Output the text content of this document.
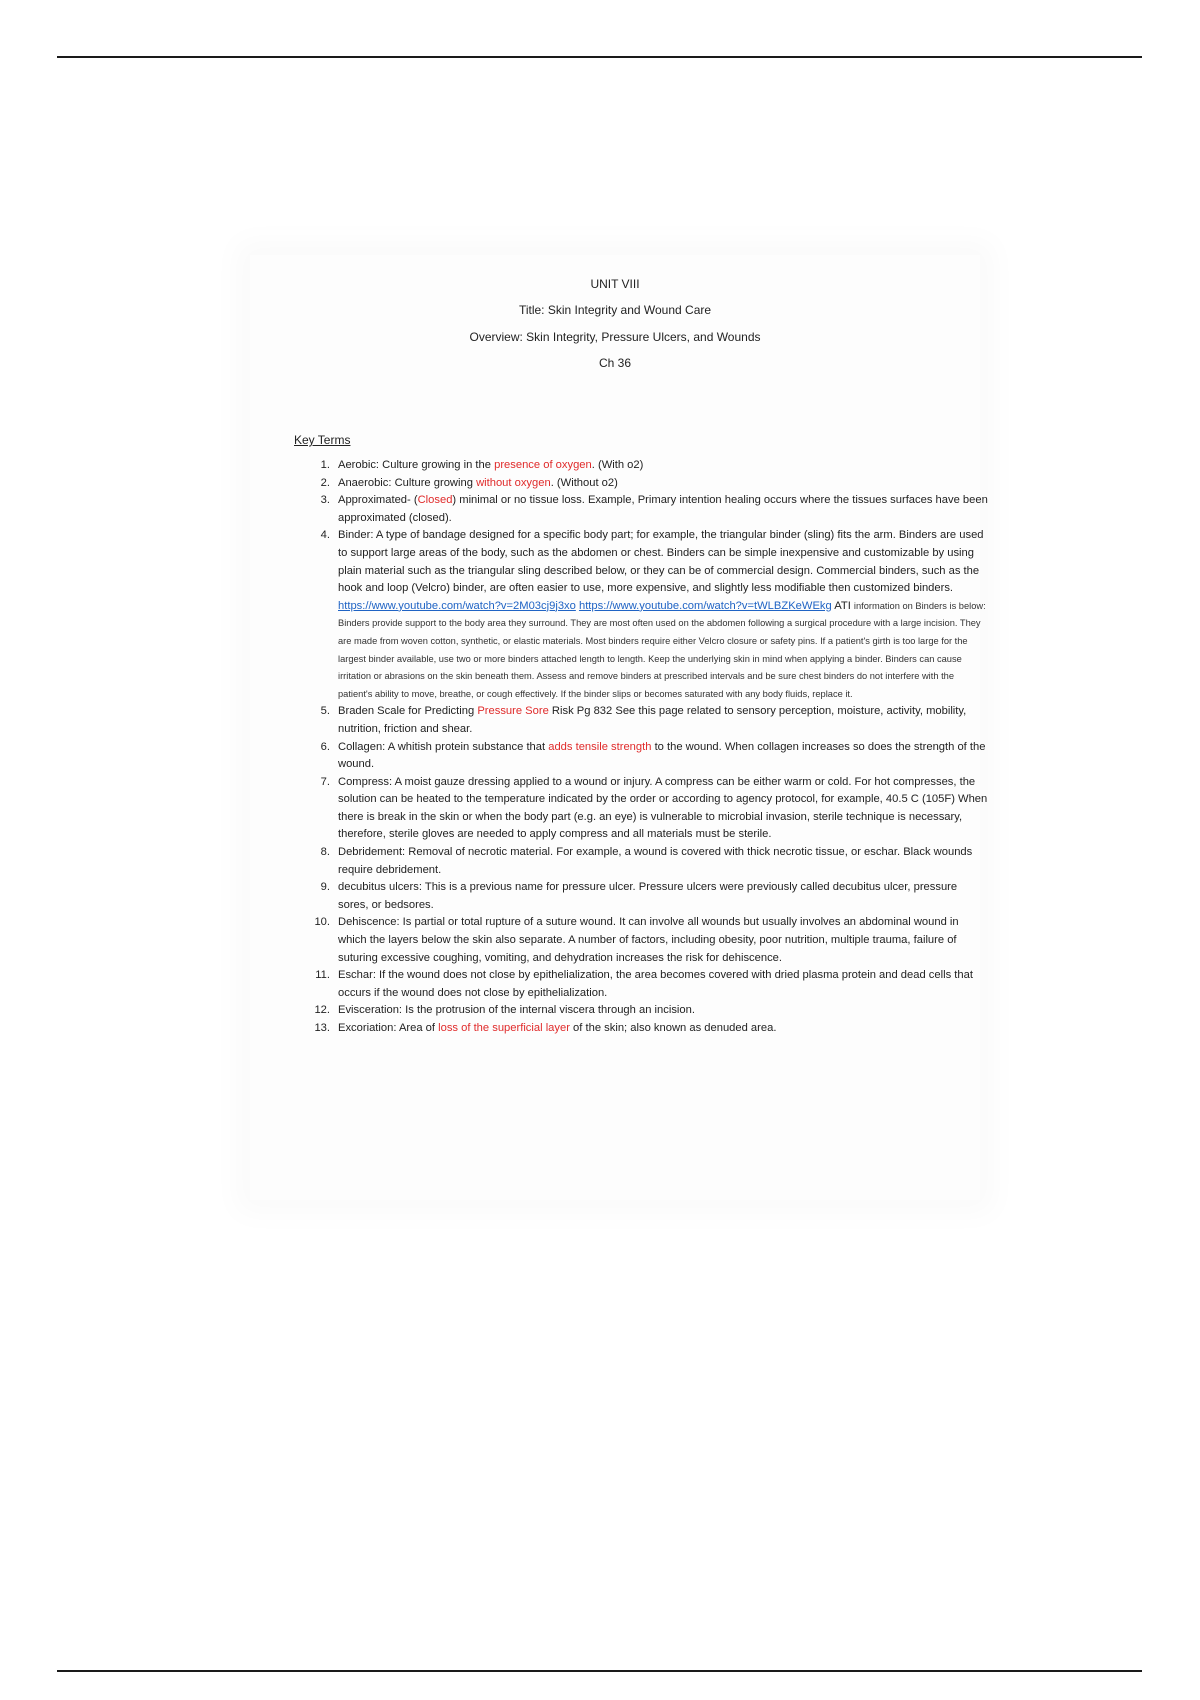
UNIT VIII
Title: Skin Integrity and Wound Care
Overview: Skin Integrity, Pressure Ulcers, and Wounds
Ch 36
Key Terms
1. Aerobic: Culture growing in the presence of oxygen. (With o2)
2. Anaerobic: Culture growing without oxygen. (Without o2)
3. Approximated- (Closed) minimal or no tissue loss. Example, Primary intention healing occurs where the tissues surfaces have been approximated (closed).
4. Binder: A type of bandage designed for a specific body part; for example, the triangular binder (sling) fits the arm. Binders are used to support large areas of the body, such as the abdomen or chest. Binders can be simple inexpensive and customizable by using plain material such as the triangular sling described below, or they can be of commercial design. Commercial binders, such as the hook and loop (Velcro) binder, are often easier to use, more expensive, and slightly less modifiable then customized binders. https://www.youtube.com/watch?v=2M03cj9j3xo https://www.youtube.com/watch?v=tWLBZKeWEkg ATI information on Binders is below: Binders provide support to the body area they surround. They are most often used on the abdomen following a surgical procedure with a large incision. They are made from woven cotton, synthetic, or elastic materials. Most binders require either Velcro closure or safety pins. If a patient's girth is too large for the largest binder available, use two or more binders attached length to length. Keep the underlying skin in mind when applying a binder. Binders can cause irritation or abrasions on the skin beneath them. Assess and remove binders at prescribed intervals and be sure chest binders do not interfere with the patient's ability to move, breathe, or cough effectively. If the binder slips or becomes saturated with any body fluids, replace it.
5. Braden Scale for Predicting Pressure Sore Risk Pg 832 See this page related to sensory perception, moisture, activity, mobility, nutrition, friction and shear.
6. Collagen: A whitish protein substance that adds tensile strength to the wound. When collagen increases so does the strength of the wound.
7. Compress: A moist gauze dressing applied to a wound or injury. A compress can be either warm or cold. For hot compresses, the solution can be heated to the temperature indicated by the order or according to agency protocol, for example, 40.5 C (105F) When there is break in the skin or when the body part (e.g. an eye) is vulnerable to microbial invasion, sterile technique is necessary, therefore, sterile gloves are needed to apply compress and all materials must be sterile.
8. Debridement: Removal of necrotic material. For example, a wound is covered with thick necrotic tissue, or eschar. Black wounds require debridement.
9. decubitus ulcers: This is a previous name for pressure ulcer. Pressure ulcers were previously called decubitus ulcer, pressure sores, or bedsores.
10. Dehiscence: Is partial or total rupture of a suture wound. It can involve all wounds but usually involves an abdominal wound in which the layers below the skin also separate. A number of factors, including obesity, poor nutrition, multiple trauma, failure of suturing excessive coughing, vomiting, and dehydration increases the risk for dehiscence.
11. Eschar: If the wound does not close by epithelialization, the area becomes covered with dried plasma protein and dead cells that occurs if the wound does not close by epithelialization.
12. Evisceration: Is the protrusion of the internal viscera through an incision.
13. Excoriation: Area of loss of the superficial layer of the skin; also known as denuded area.
